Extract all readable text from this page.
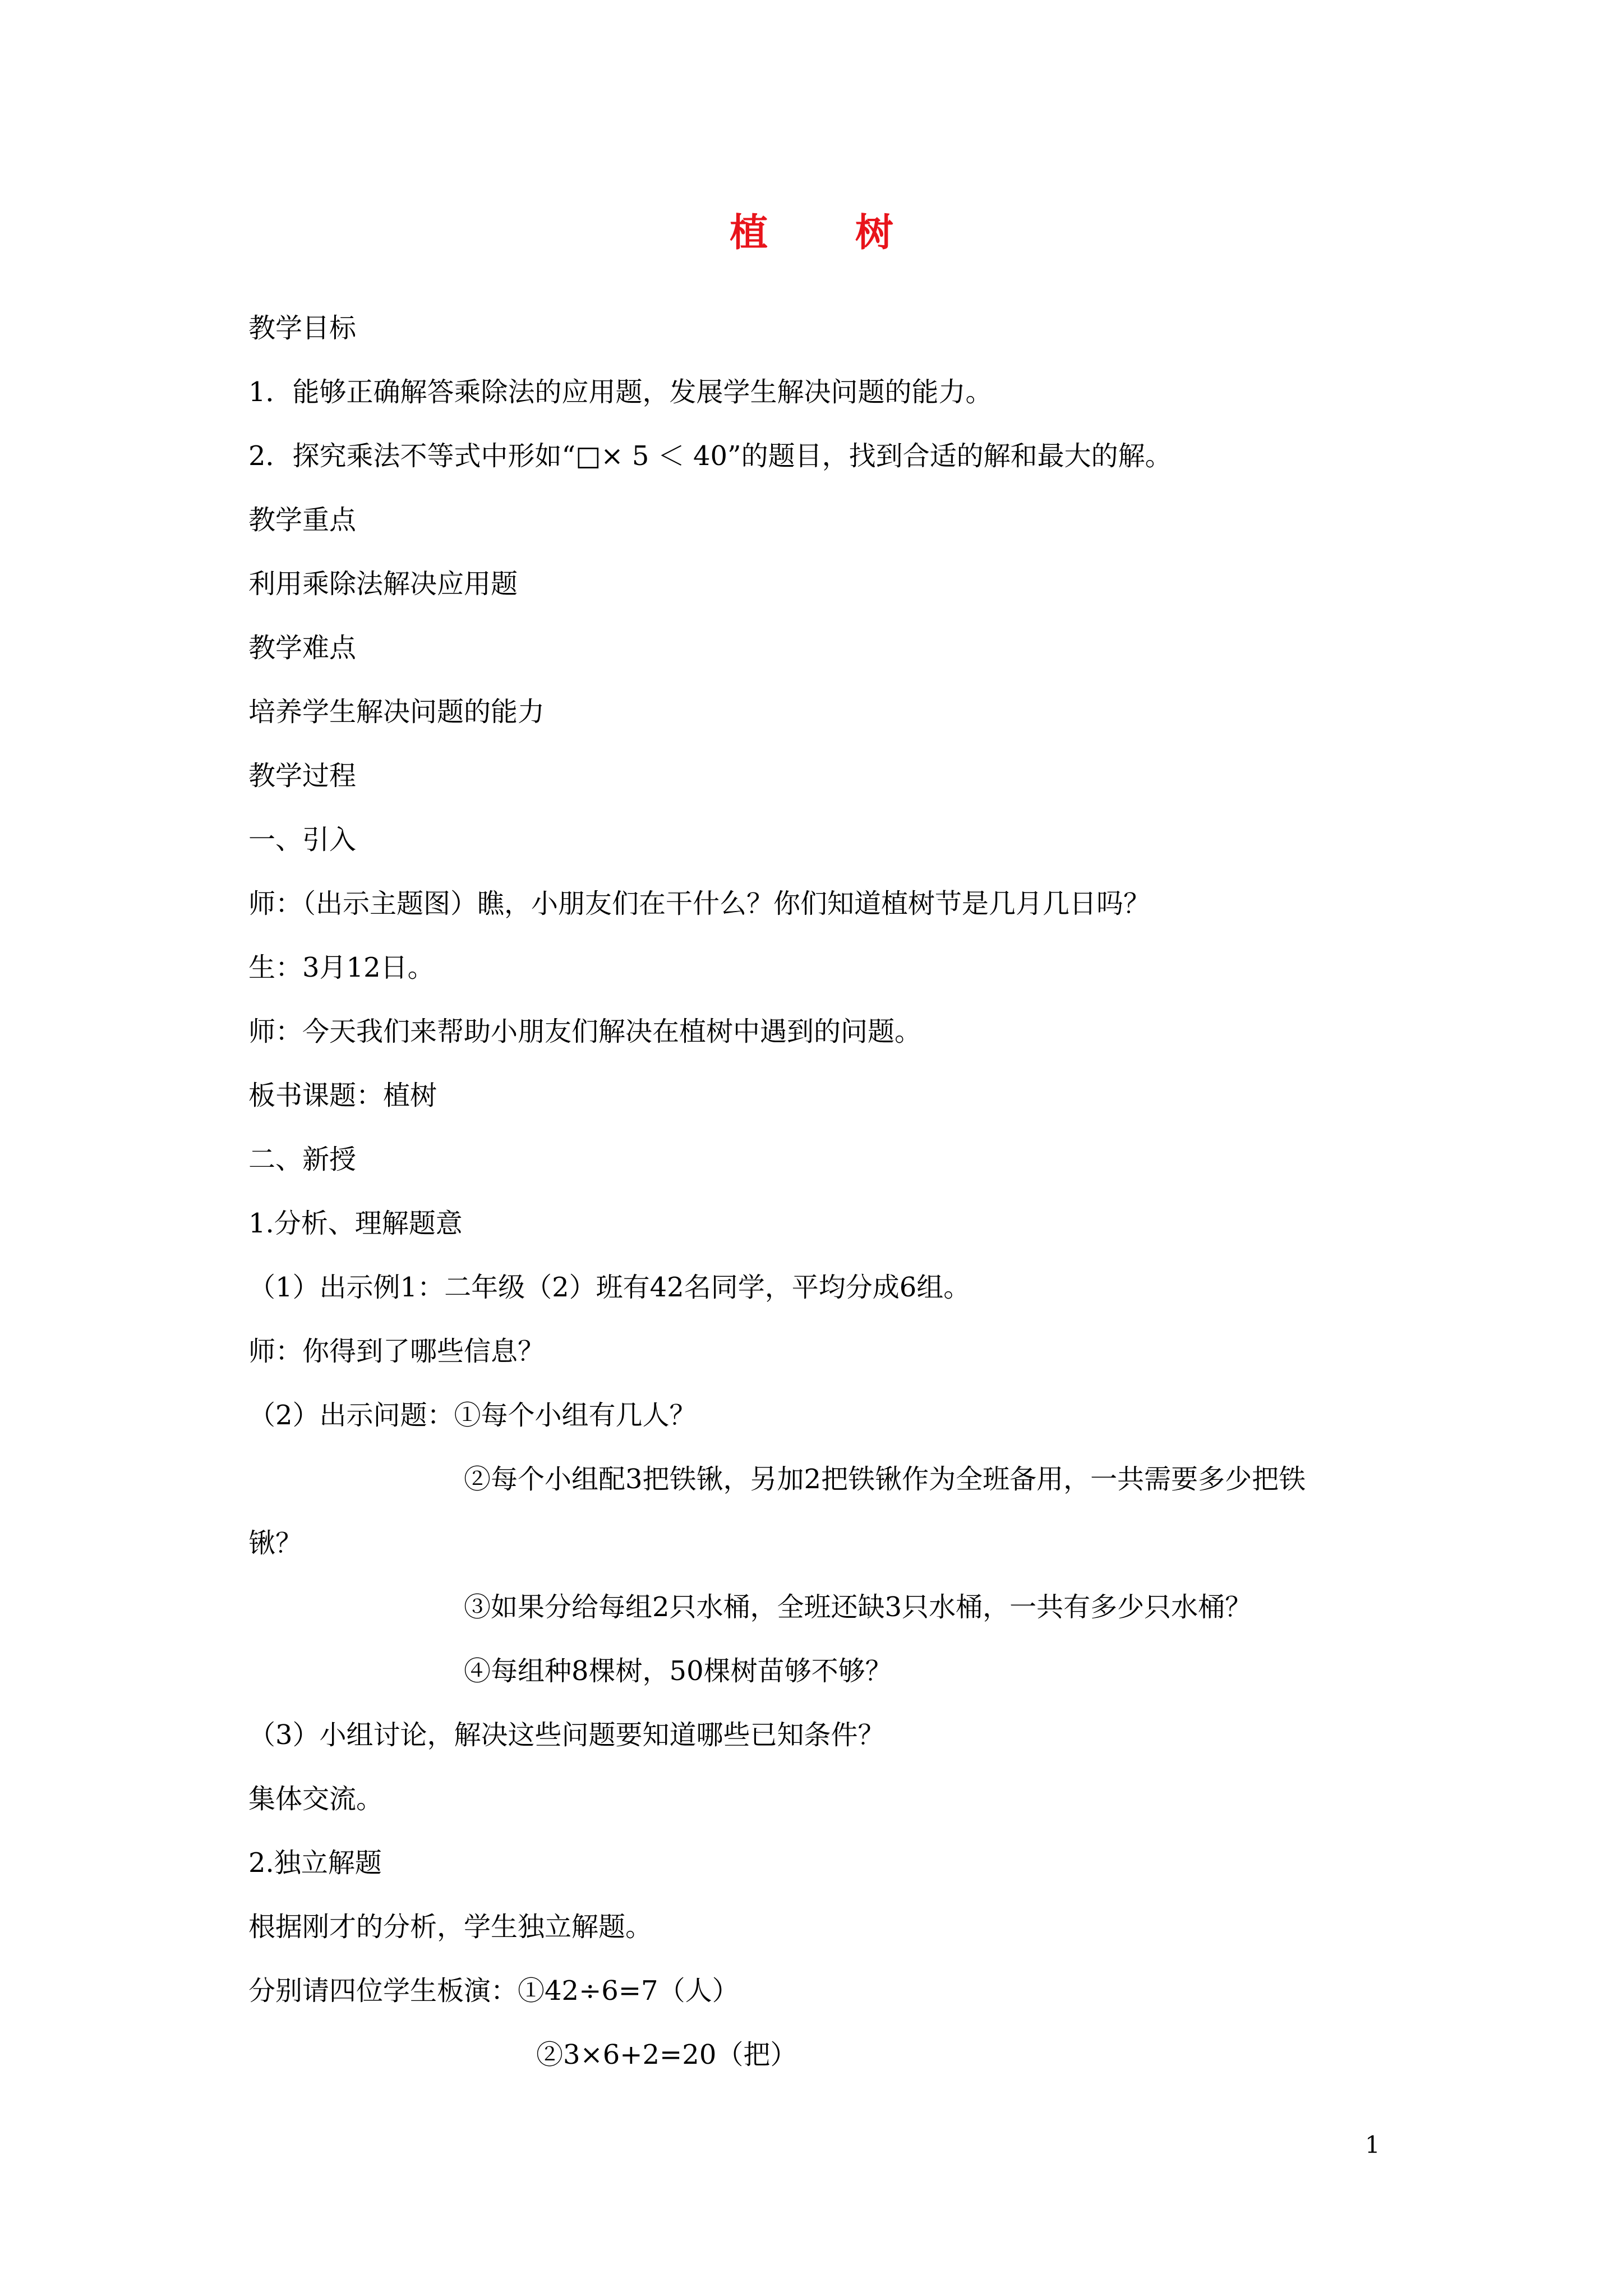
植 树
教学目标
1．能够正确解答乘除法的应用题，发展学生解决问题的能力。
2．探究乘法不等式中形如“□× 5 ＜ 40”的题目，找到合适的解和最大的解。
教学重点
利用乘除法解决应用题
教学难点
培养学生解决问题的能力
教学过程
一、引入
师：（出示主题图）瞧，小朋友们在干什么？你们知道植树节是几月几日吗？
生：3月12日。
师：今天我们来帮助小朋友们解决在植树中遇到的问题。
板书课题：植树
二、新授
1.分析、理解题意
（1）出示例1：二年级（2）班有42名同学，平均分成6组。
师：你得到了哪些信息？
（2）出示问题：①每个小组有几人？
②每个小组配3把铁锹，另加2把铁锹作为全班备用，一共需要多少把铁
锹？
③如果分给每组2只水桶，全班还缺3只水桶，一共有多少只水桶？
④每组种8棵树，50棵树苗够不够？
（3）小组讨论，解决这些问题要知道哪些已知条件？
集体交流。
2.独立解题
根据刚才的分析，学生独立解题。
分别请四位学生板演：①42÷6=7（人）
②3×6+2=20（把）
1
